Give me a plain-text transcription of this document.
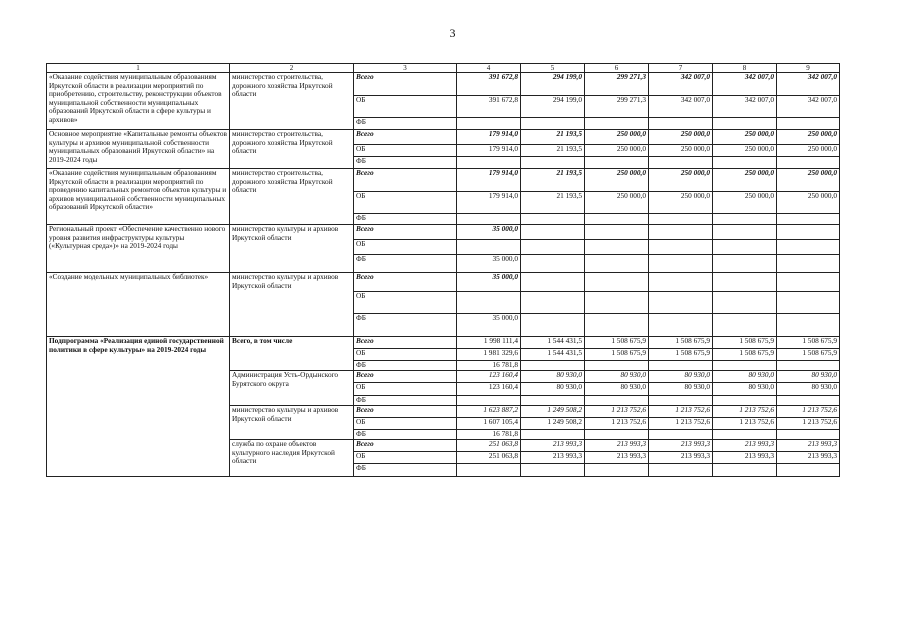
3
1	2	3	4	5	6	7	8	9
«Оказание содействия муниципальным образованиям Иркутской области в реализации мероприятий по приобретению, строительству, реконструкции объектов муниципальной собственности муниципальных образований Иркутской области в сфере культуры и архивов»	министерство строительства, дорожного хозяйства Иркутской области	Всего	391 672,8	294 199,0	299 271,3	342 007,0	342 007,0	342 007,0
		ОБ	391 672,8	294 199,0	299 271,3	342 007,0	342 007,0	342 007,0
		ФБ						
Основное мероприятие «Капитальные ремонты объектов культуры и архивов муниципальной собственности муниципальных образований Иркутской области» на 2019-2024 годы	министерство строительства, дорожного хозяйства Иркутской области	Всего	179 914,0	21 193,5	250 000,0	250 000,0	250 000,0	250 000,0
		ОБ	179 914,0	21 193,5	250 000,0	250 000,0	250 000,0	250 000,0
		ФБ						
«Оказание содействия муниципальным образованиям Иркутской области в реализации мероприятий по проведению капитальных ремонтов объектов культуры и архивов муниципальной собственности муниципальных образований Иркутской области»	министерство строительства, дорожного хозяйства Иркутской области	Всего	179 914,0	21 193,5	250 000,0	250 000,0	250 000,0	250 000,0
		ОБ	179 914,0	21 193,5	250 000,0	250 000,0	250 000,0	250 000,0
		ФБ						
Региональный проект «Обеспечение качественно нового уровня развития инфраструктуры культуры («Культурная среда»)» на 2019-2024 годы	министерство культуры и архивов Иркутской области	Всего	35 000,0					
		ОБ						
		ФБ	35 000,0					
«Создание модельных муниципальных библиотек»	министерство культуры и архивов Иркутской области	Всего	35 000,0					
		ОБ						
		ФБ	35 000,0					
Подпрограмма «Реализация единой государственной политики в сфере культуры» на 2019-2024 годы	Всего, в том числе	Всего	1 998 111,4	1 544 431,5	1 508 675,9	1 508 675,9	1 508 675,9	1 508 675,9
		ОБ	1 981 329,6	1 544 431,5	1 508 675,9	1 508 675,9	1 508 675,9	1 508 675,9
		ФБ	16 781,8					
	Администрация Усть-Ордынского Бурятского округа	Всего	123 160,4	80 930,0	80 930,0	80 930,0	80 930,0	80 930,0
		ОБ	123 160,4	80 930,0	80 930,0	80 930,0	80 930,0	80 930,0
		ФБ						
	министерство культуры и архивов Иркутской области	Всего	1 623 887,2	1 249 508,2	1 213 752,6	1 213 752,6	1 213 752,6	1 213 752,6
		ОБ	1 607 105,4	1 249 508,2	1 213 752,6	1 213 752,6	1 213 752,6	1 213 752,6
		ФБ	16 781,8					
	служба по охране объектов культурного наследия Иркутской области	Всего	251 063,8	213 993,3	213 993,3	213 993,3	213 993,3	213 993,3
		ОБ	251 063,8	213 993,3	213 993,3	213 993,3	213 993,3	213 993,3
		ФБ						
